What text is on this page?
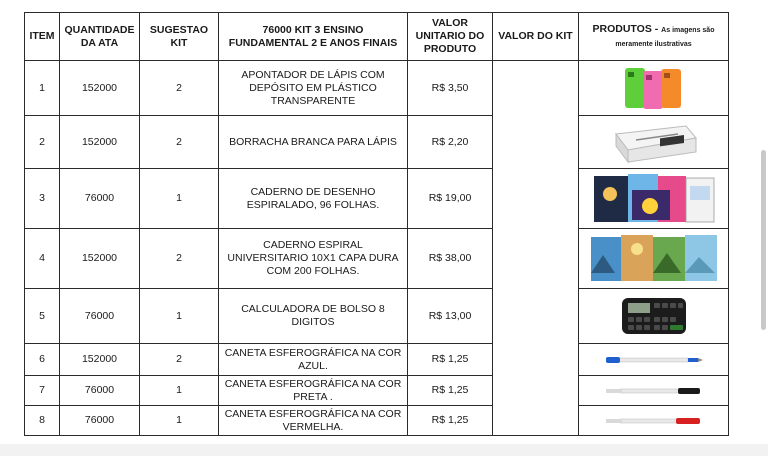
ITEM	QUANTIDADE DA ATA	SUGESTAO KIT	76000 KIT 3 ENSINO FUNDAMENTAL 2 E ANOS FINAIS	VALOR UNITARIO DO PRODUTO	VALOR DO KIT	PRODUTOS - As imagens são meramente ilustrativas
1	152000	2	APONTADOR DE LÁPIS COM DEPÓSITO EM PLÁSTICO TRANSPARENTE	R$ 3,50		

2	152000	2	BORRACHA BRANCA PARA LÁPIS	R$ 2,20	

3	76000	1	CADERNO DE DESENHO ESPIRALADO, 96 FOLHAS.	R$ 19,00	

4	152000	2	CADERNO ESPIRAL UNIVERSITARIO 10X1 CAPA DURA COM 200 FOLHAS.	R$ 38,00	

5	76000	1	CALCULADORA DE BOLSO 8 DIGITOS	R$ 13,00	

6	152000	2	CANETA ESFEROGRÁFICA NA COR AZUL.	R$ 1,25	

7	76000	1	CANETA ESFEROGRÁFICA NA COR PRETA .	R$ 1,25	

8	76000	1	CANETA ESFEROGRÁFICA NA COR VERMELHA.	R$ 1,25	
